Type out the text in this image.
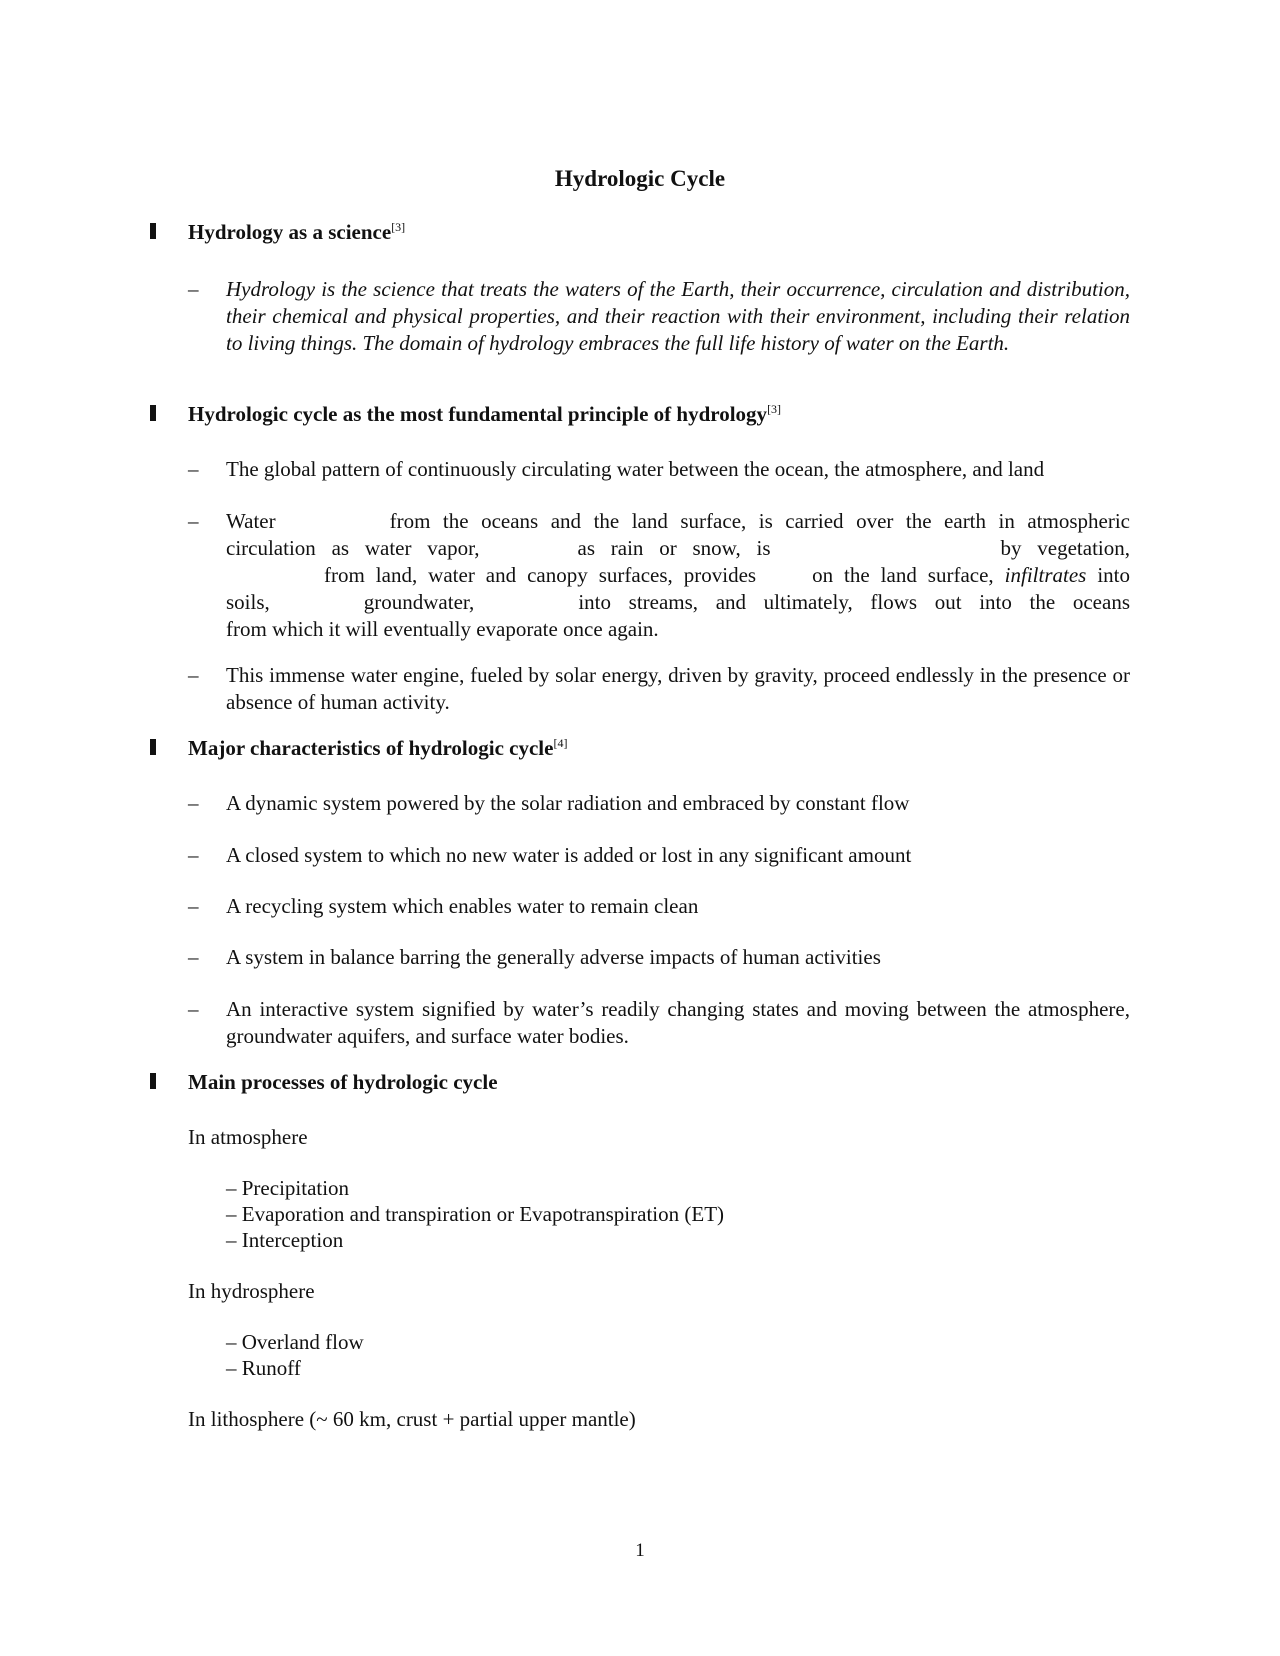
Hydrologic Cycle
Hydrology as a science[3]
– Hydrology is the science that treats the waters of the Earth, their occurrence, circulation and distribution, their chemical and physical properties, and their reaction with their environment, including their relation to living things. The domain of hydrology embraces the full life history of water on the Earth.
Hydrologic cycle as the most fundamental principle of hydrology[3]
– The global pattern of continuously circulating water between the ocean, the atmosphere, and land
– Water	from the oceans and the land surface, is carried over the earth in atmospheric
circulation as water vapor,	as rain or snow, is	by vegetation,
from land, water and canopy surfaces, provides	on the land surface, infiltrates into
soils,	groundwater,	into streams, and ultimately, flows out into the oceans
from which it will eventually evaporate once again.
– This immense water engine, fueled by solar energy, driven by gravity, proceed endlessly in the presence or absence of human activity.
Major characteristics of hydrologic cycle[4]
– A dynamic system powered by the solar radiation and embraced by constant flow
– A closed system to which no new water is added or lost in any significant amount
– A recycling system which enables water to remain clean
– A system in balance barring the generally adverse impacts of human activities
– An interactive system signified by water’s readily changing states and moving between the atmosphere, groundwater aquifers, and surface water bodies.
Main processes of hydrologic cycle
In atmosphere
– Precipitation
– Evaporation and transpiration or Evapotranspiration (ET)
– Interception
In hydrosphere
– Overland flow
– Runoff
In lithosphere (~ 60 km, crust + partial upper mantle)
1
